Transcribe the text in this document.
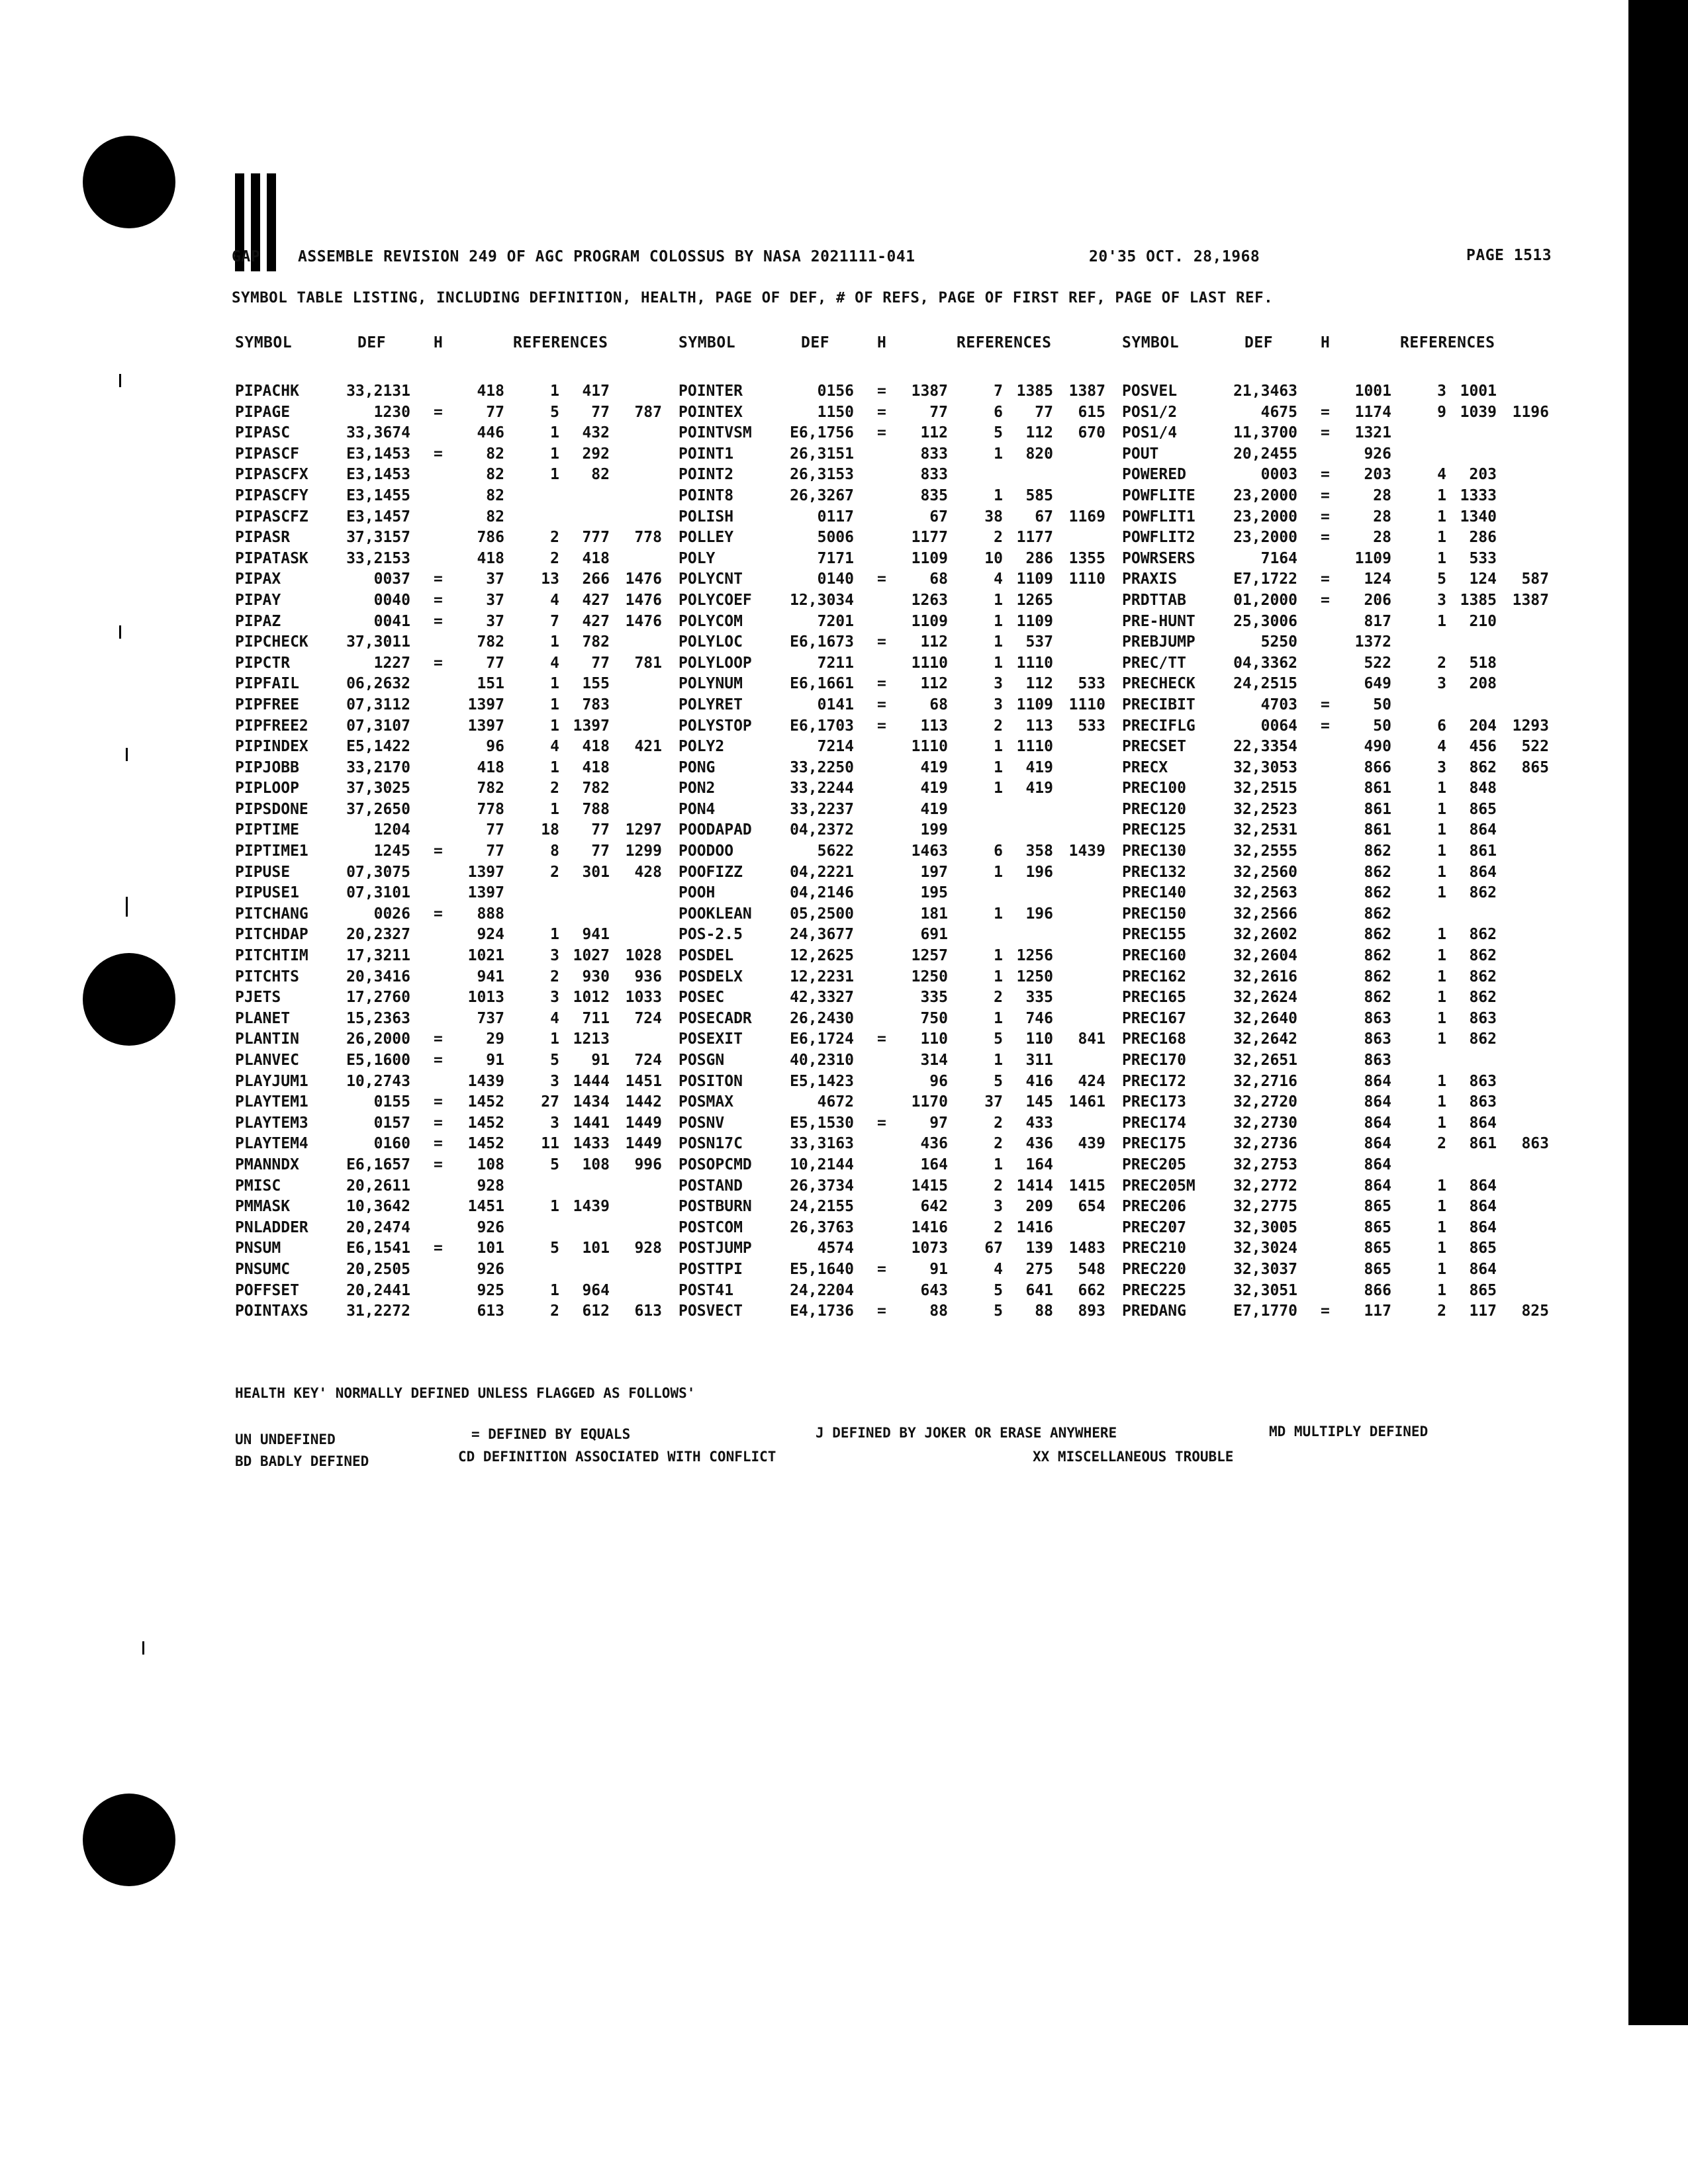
GAP ASSEMBLE REVISION 249 OF AGC PROGRAM COLOSSUS BY NASA 2021111-041	20'35 OCT. 28,1968	PAGE 1513
SYMBOL TABLE LISTING, INCLUDING DEFINITION, HEALTH, PAGE OF DEF, # OF REFS, PAGE OF FIRST REF, PAGE OF LAST REF.
SYMBOL	DEF	H	REFERENCES	SYMBOL	DEF	H	REFERENCES	SYMBOL	DEF	H	REFERENCES
PIPACHK	33,2131	418	1	417
PIPAGE	1230 =	77	5	77	787
PIPASC	33,3674	446	1	432
PIPASCF	E3,1453 =	82	1	292
PIPASCFX	E3,1453	82	1	82
PIPASCFY	E3,1455	82
PIPASCFZ	E3,1457	82
PIPASR	37,3157	786	2	777	778
PIPATASK	33,2153	418	2	418
PIPAX	0037 =	37	13	266	1476
PIPAY	0040 =	37	4	427	1476
PIPAZ	0041 =	37	7	427	1476
PIPCHECK	37,3011	782	1	782
PIPCTR	1227 =	77	4	77	781
PIPFAIL	06,2632	151	1	155
PIPFREE	07,3112	1397	1	783
PIPFREE2	07,3107	1397	1 1397
PIPINDEX	E5,1422	96	4	418	421
PIPJOBB	33,2170	418	1	418
PIPLOOP	37,3025	782	2	782
PIPSDONE	37,2650	778	1	788
PIPTIME	1204	77	18	77	1297
PIPTIME1	1245 =	77	8	77	1299
PIPUSE	07,3075	1397	2	301	428
PIPUSE1	07,3101	1397
PITCHANG	0026 =	888
PITCHDAP	20,2327	924	1	941
PITCHTIM	17,3211	1021	3 1027	1028
PITCHTS	20,3416	941	2	930	936
PJETS	17,2760	1013	3 1012	1033
PLANET	15,2363	737	4	711	724
PLANTIN	26,2000 =	29	1 1213
PLANVEC	E5,1600 =	91	5	91	724
PLAYJUM1	10,2743	1439	3 1444	1451
PLAYTEM1	0155 =	1452	27 1434	1442
PLAYTEM3	0157 =	1452	3 1441	1449
PLAYTEM4	0160 =	1452	11 1433	1449
PMANNDX	E6,1657 =	108	5	108	996
PMISC	20,2611	928
PMMASK	10,3642	1451	1 1439
PNLADDER	20,2474	926
PNSUM	E6,1541 =	101	5	101	928
PNSUMC	20,2505	926
POFFSET	20,2441	925	1	964
POINTAXS	31,2272	613	2	612	613
POINTER	0156 =	1387	7 1385	1387
POINTEX	1150 =	77	6	77	615
POINTVSM	E6,1756 =	112	5	112	670
POINT1	26,3151	833	1	820
POINT2	26,3153	833
POINT8	26,3267	835	1	585
POLISH	0117	67	38	67	1169
POLLEY	5006	1177	2 1177
POLY	7171	1109	10	286	1355
POLYCNT	0140 =	68	4 1109	1110
POLYCOEF	12,3034	1263	1 1265
POLYCOM	7201	1109	1 1109
POLYLOC	E6,1673 =	112	1	537
POLYLOOP	7211	1110	1 1110
POLYNUM	E6,1661 =	112	3	112	533
POLYRET	0141 =	68	3 1109	1110
POLYSTOP	E6,1703 =	113	2	113	533
POLY2	7214	1110	1 1110
PONG	33,2250	419	1	419
PON2	33,2244	419	1	419
PON4	33,2237	419
POODAPAD	04,2372	199
POODOO	5622	1463	6	358	1439
POOFIZZ	04,2221	197	1	196
POOH	04,2146	195
POOKLEAN	05,2500	181	1	196
POS-2.5	24,3677	691
POSDEL	12,2625	1257	1 1256
POSDELX	12,2231	1250	1 1250
POSEC	42,3327	335	2	335
POSECADR	26,2430	750	1	746
POSEXIT	E6,1724 =	110	5	110	841
POSGN	40,2310	314	1	311
POSITON	E5,1423	96	5	416	424
POSMAX	4672	1170	37	145	1461
POSNV	E5,1530 =	97	2	433
POSN17C	33,3163	436	2	436	439
POSOPCMD	10,2144	164	1	164
POSTAND	26,3734	1415	2 1414	1415
POSTBURN	24,2155	642	3	209	654
POSTCOM	26,3763	1416	2 1416
POSTJUMP	4574	1073	67	139	1483
POSTTPI	E5,1640 =	91	4	275	548
POST41	24,2204	643	5	641	662
POSVECT	E4,1736 =	88	5	88	893
POSVEL	21,3463	1001	3 1001
POS1/2	4675 =	1174	9 1039	1196
POS1/4	11,3700 =	1321
POUT	20,2455	926
POWERED	0003 =	203	4	203
POWFLITE	23,2000 =	28	1 1333
POWFLIT1	23,2000 =	28	1 1340
POWFLIT2	23,2000 =	28	1	286
POWRSERS	7164	1109	1	533
PRAXIS	E7,1722 =	124	5	124	587
PRDTTAB	01,2000 =	206	3 1385	1387
PRE-HUNT	25,3006	817	1	210
PREBJUMP	5250	1372
PREC/TT	04,3362	522	2	518
PRECHECK	24,2515	649	3	208
PRECIBIT	4703 =	50
PRECIFLG	0064 =	50	6	204	1293
PRECSET	22,3354	490	4	456	522
PRECX	32,3053	866	3	862	865
PREC100	32,2515	861	1	848
PREC120	32,2523	861	1	865
PREC125	32,2531	861	1	864
PREC130	32,2555	862	1	861
PREC132	32,2560	862	1	864
PREC140	32,2563	862	1	862
PREC150	32,2566	862
PREC155	32,2602	862	1	862
PREC160	32,2604	862	1	862
PREC162	32,2616	862	1	862
PREC165	32,2624	862	1	862
PREC167	32,2640	863	1	863
PREC168	32,2642	863	1	862
PREC170	32,2651	863
PREC172	32,2716	864	1	863
PREC173	32,2720	864	1	863
PREC174	32,2730	864	1	864
PREC175	32,2736	864	2	861	863
PREC205	32,2753	864
PREC205M	32,2772	864	1	864
PREC206	32,2775	865	1	864
PREC207	32,3005	865	1	864
PREC210	32,3024	865	1	865
PREC220	32,3037	865	1	864
PREC225	32,3051	866	1	865
PREDANG	E7,1770 =	117	2	117	825
HEALTH KEY' NORMALLY DEFINED UNLESS FLAGGED AS FOLLOWS'
UN UNDEFINED	= DEFINED BY EQUALS	J DEFINED BY JOKER OR ERASE ANYWHERE	MD MULTIPLY DEFINED
BD BADLY DEFINED	CD DEFINITION ASSOCIATED WITH CONFLICT	XX MISCELLANEOUS TROUBLE
